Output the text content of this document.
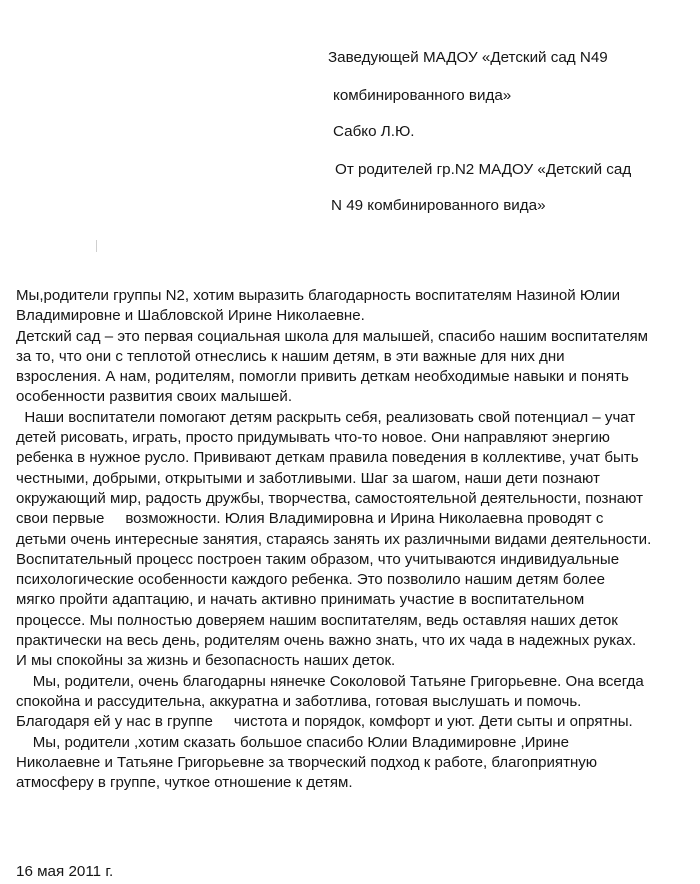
Заведующей МАДОУ «Детский сад N49
комбинированного вида»
Сабко Л.Ю.
От родителей гр.N2 МАДОУ «Детский сад
N 49 комбинированного вида»
Мы,родители группы N2, хотим выразить благодарность воспитателям Назиной Юлии
Владимировне и Шабловской Ирине Николаевне.
Детский сад – это первая социальная школа для малышей, спасибо нашим воспитателям
за то, что они с теплотой отнеслись к нашим детям, в эти важные для них дни
взросления. А нам, родителям, помогли привить деткам необходимые навыки и понять
особенности развития своих малышей.
Наши воспитатели помогают детям раскрыть себя, реализовать свой потенциал – учат
детей рисовать, играть, просто придумывать что-то новое. Они направляют энергию
ребенка в нужное русло. Прививают деткам правила поведения в коллективе, учат быть
честными, добрыми, открытыми и заботливыми. Шаг за шагом, наши дети познают
окружающий мир, радость дружбы, творчества, самостоятельной деятельности, познают
свои первые     возможности. Юлия Владимировна и Ирина Николаевна проводят с
детьми очень интересные занятия, стараясь занять их различными видами деятельности.
Воспитательный процесс построен таким образом, что учитываются индивидуальные
психологические особенности каждого ребенка. Это позволило нашим детям более
мягко пройти адаптацию, и начать активно принимать участие в воспитательном
процессе. Мы полностью доверяем нашим воспитателям, ведь оставляя наших деток
практически на весь день, родителям очень важно знать, что их чада в надежных руках.
И мы спокойны за жизнь и безопасность наших деток.
Мы, родители, очень благодарны нянечке Соколовой Татьяне Григорьевне. Она всегда
спокойна и рассудительна, аккуратна и заботлива, готовая выслушать и помочь.
Благодаря ей у нас в группе     чистота и порядок, комфорт и уют. Дети сыты и опрятны.
Мы, родители ,хотим сказать большое спасибо Юлии Владимировне ,Ирине
Николаевне и Татьяне Григорьевне за творческий подход к работе, благоприятную
атмосферу в группе, чуткое отношение к детям.
16 мая 2011 г.
